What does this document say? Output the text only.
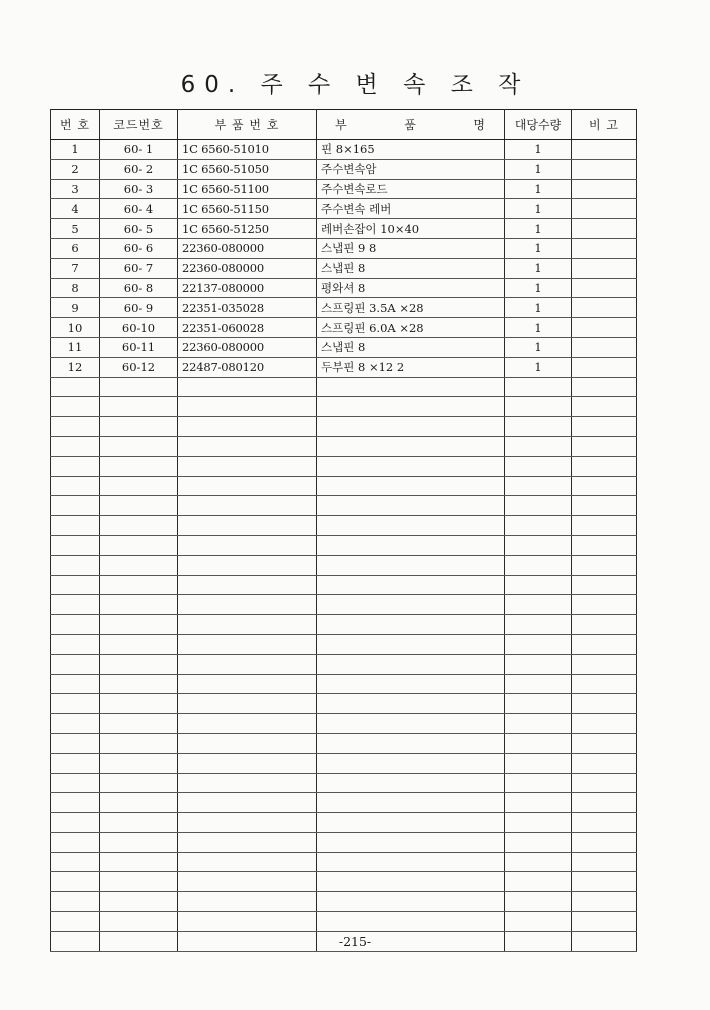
60. 주 수 변 속 조 작
번 호	코드번호	부 품 번 호	부 품 명	대당수량	비 고
1	60- 1	1C 6560-51010	핀 8×165	1	
2	60- 2	1C 6560-51050	주수변속암	1	
3	60- 3	1C 6560-51100	주수변속로드	1	
4	60- 4	1C 6560-51150	주수변속 레버	1	
5	60- 5	1C 6560-51250	레버손잡이 10×40	1	
6	60- 6	22360-080000	스냅핀 9 8	1	
7	60- 7	22360-080000	스냅핀 8	1	
8	60- 8	22137-080000	평와셔 8	1	
9	60- 9	22351-035028	스프링핀 3.5A ×28	1	
10	60-10	22351-060028	스프링핀 6.0A ×28	1	
11	60-11	22360-080000	스냅핀 8	1	
12	60-12	22487-080120	두부핀 8 ×12 2	1	

-215-
